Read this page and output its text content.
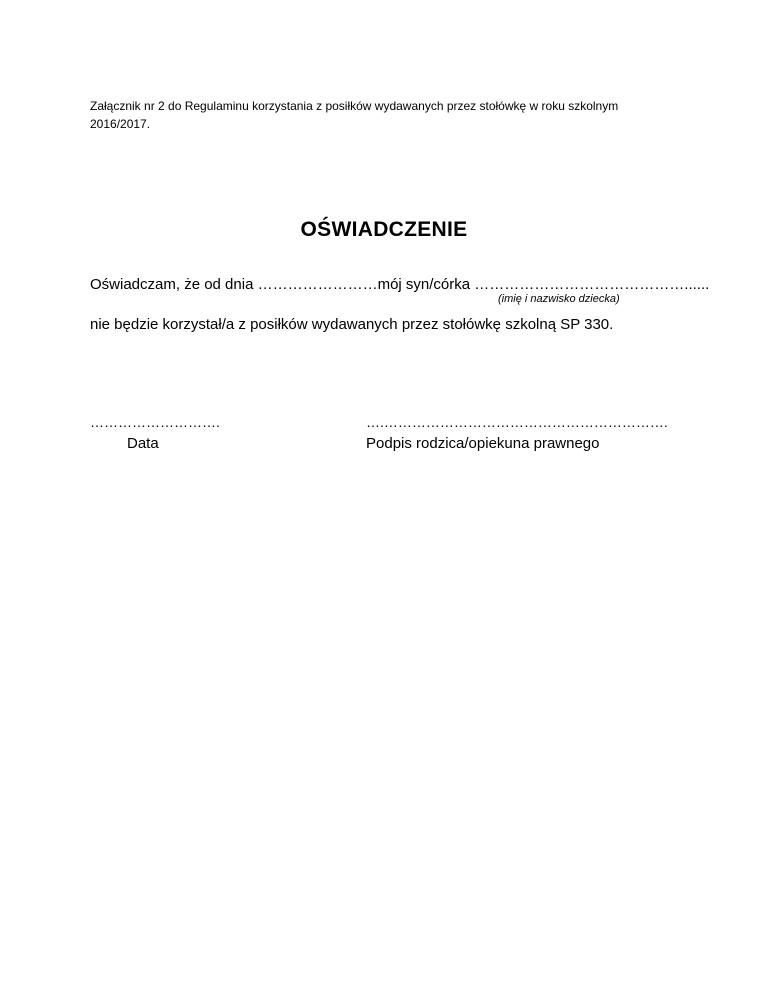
Załącznik nr 2 do Regulaminu korzystania z posiłków wydawanych przez stołówkę w roku szkolnym 2016/2017.
OŚWIADCZENIE
Oświadczam, że od dnia ……………………mój syn/córka ……………………………………......
(imię i nazwisko dziecka)
nie będzie korzystał/a z posiłków wydawanych przez stołówkę szkolną SP 330.
……………………….
Data
….…………………………………………………….
Podpis rodzica/opiekuna prawnego
